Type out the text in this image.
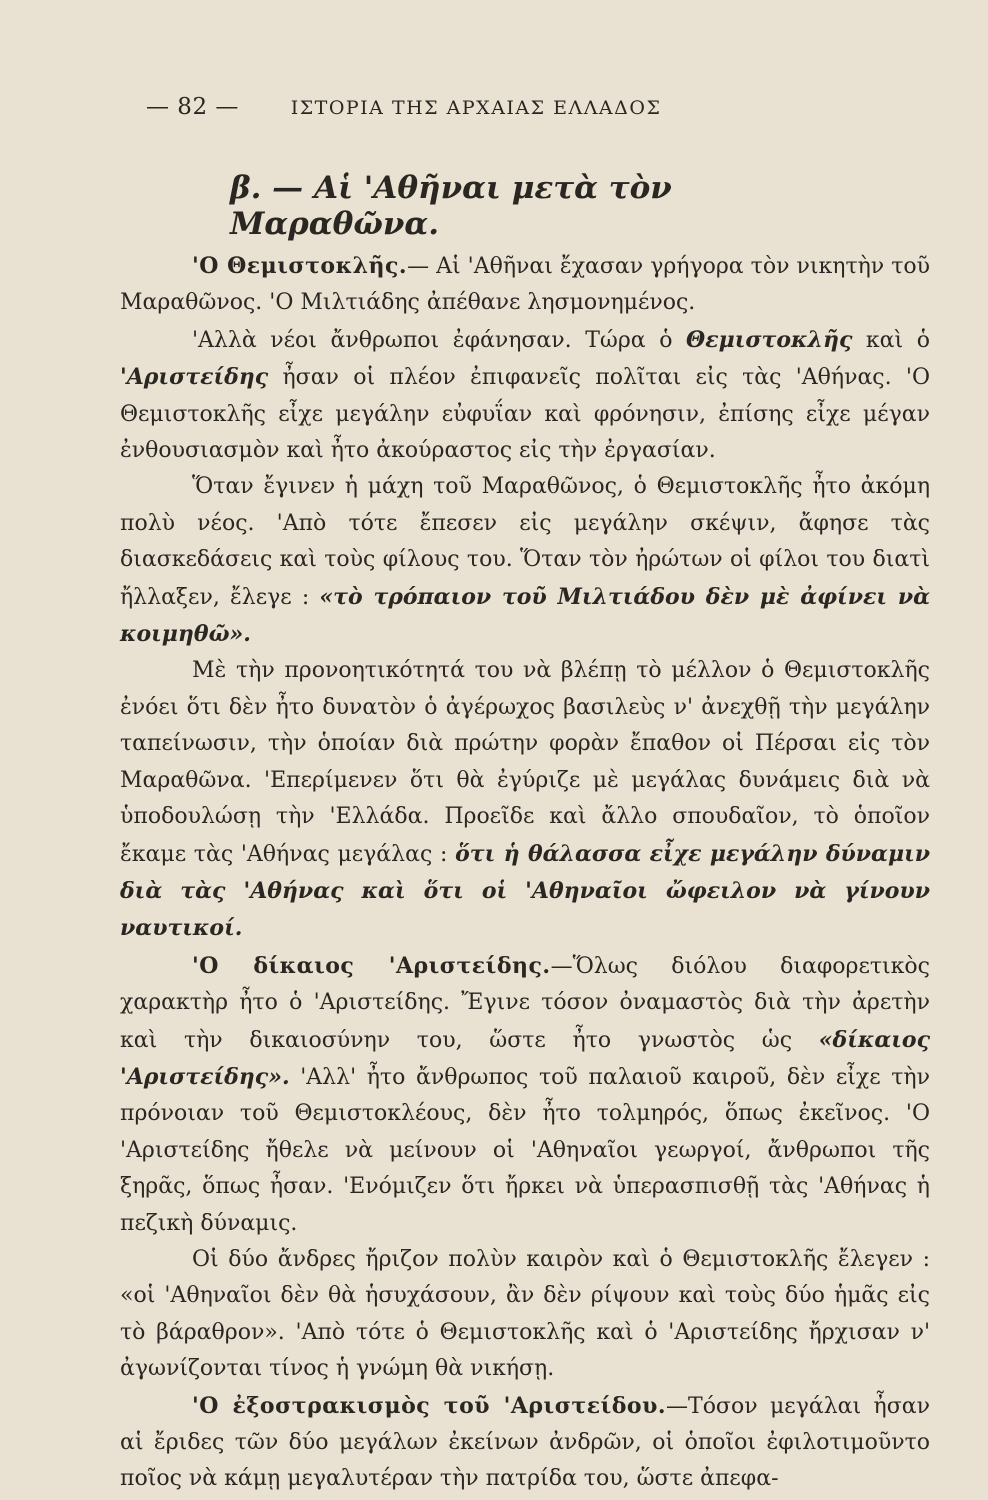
— 82 —	ΙΣΤΟΡΙΑ ΤΗΣ ΑΡΧΑΙΑΣ ΕΛΛΑΔΟΣ
β. — Αἱ 'Αθῆναι μετὰ τὸν Μαραθῶνα.

'Ο Θεμιστοκλῆς.— Αἱ 'Αθῆναι ἔχασαν γρήγορα τὸν νικητὴν τοῦ Μαραθῶνος. 'Ο Μιλτιάδης ἀπέθανε λησμονημένος.

'Αλλὰ νέοι ἄνθρωποι ἐφάνησαν. Τώρα ὁ Θεμιστοκλῆς καὶ ὁ 'Αριστείδης ἦσαν οἱ πλέον ἐπιφανεῖς πολῖται εἰς τὰς 'Αθήνας. 'Ο Θεμιστοκλῆς εἶχε μεγάλην εὐφυΐαν καὶ φρόνησιν, ἐπίσης εἶχε μέγαν ἐνθουσιασμὸν καὶ ἦτο ἀκούραστος εἰς τὴν ἐργασίαν.

Ὅταν ἔγινεν ἡ μάχη τοῦ Μαραθῶνος, ὁ Θεμιστοκλῆς ἦτο ἀκόμη πολὺ νέος. 'Απὸ τότε ἔπεσεν εἰς μεγάλην σκέψιν, ἄφησε τὰς διασκεδάσεις καὶ τοὺς φίλους του. Ὅταν τὸν ἠρώτων οἱ φίλοι του διατὶ ἤλλαξεν, ἔλεγε : «τὸ τρόπαιον τοῦ Μιλτιάδου δὲν μὲ ἀφίνει νὰ κοιμηθῶ».

Μὲ τὴν προνοητικότητά του νὰ βλέπῃ τὸ μέλλον ὁ Θεμιστοκλῆς ἐνόει ὅτι δὲν ἦτο δυνατὸν ὁ ἀγέρωχος βασιλεὺς ν' ἀνεχθῇ τὴν μεγάλην ταπείνωσιν, τὴν ὁποίαν διὰ πρώτην φορὰν ἔπαθον οἱ Πέρσαι εἰς τὸν Μαραθῶνα. 'Επερίμενεν ὅτι θὰ ἐγύριζε μὲ μεγάλας δυνάμεις διὰ νὰ ὑποδουλώσῃ τὴν 'Ελλάδα. Προεῖδε καὶ ἄλλο σπουδαῖον, τὸ ὁποῖον ἔκαμε τὰς 'Αθήνας μεγάλας : ὅτι ἡ θάλασσα εἶχε μεγάλην δύναμιν διὰ τὰς 'Αθήνας καὶ ὅτι οἱ 'Αθηναῖοι ὤφειλον νὰ γίνουν ναυτικοί.

'Ο δίκαιος 'Αριστείδης.—Ὅλως διόλου διαφορετικὸς χαρακτὴρ ἦτο ὁ 'Αριστείδης. Ἔγινε τόσον ὀναμαστὸς διὰ τὴν ἀρετὴν καὶ τὴν δικαιοσύνην του, ὥστε ἦτο γνωστὸς ὡς «δίκαιος 'Αριστείδης». 'Αλλ' ἦτο ἄνθρωπος τοῦ παλαιοῦ καιροῦ, δὲν εἶχε τὴν πρόνοιαν τοῦ Θεμιστοκλέους, δὲν ἦτο τολμηρός, ὅπως ἐκεῖνος. 'Ο 'Αριστείδης ἤθελε νὰ μείνουν οἱ 'Αθηναῖοι γεωργοί, ἄνθρωποι τῆς ξηρᾶς, ὅπως ἦσαν. 'Ενόμιζεν ὅτι ἤρκει νὰ ὑπερασπισθῇ τὰς 'Αθήνας ἡ πεζικὴ δύναμις.

Οἱ δύο ἄνδρες ἤριζον πολὺν καιρὸν καὶ ὁ Θεμιστοκλῆς ἔλεγεν : «οἱ 'Αθηναῖοι δὲν θὰ ἡσυχάσουν, ἂν δὲν ρίψουν καὶ τοὺς δύο ἡμᾶς εἰς τὸ βάραθρον». 'Απὸ τότε ὁ Θεμιστοκλῆς καὶ ὁ 'Αριστείδης ἤρχισαν ν' ἀγωνίζονται τίνος ἡ γνώμη θὰ νικήσῃ.

'Ο ἐξοστρακισμὸς τοῦ 'Αριστείδου.—Τόσον μεγάλαι ἦσαν αἱ ἔριδες τῶν δύο μεγάλων ἐκείνων ἀνδρῶν, οἱ ὁποῖοι ἐφιλοτιμοῦντο ποῖος νὰ κάμῃ μεγαλυτέραν τὴν πατρίδα του, ὥστε ἀπεφα-
